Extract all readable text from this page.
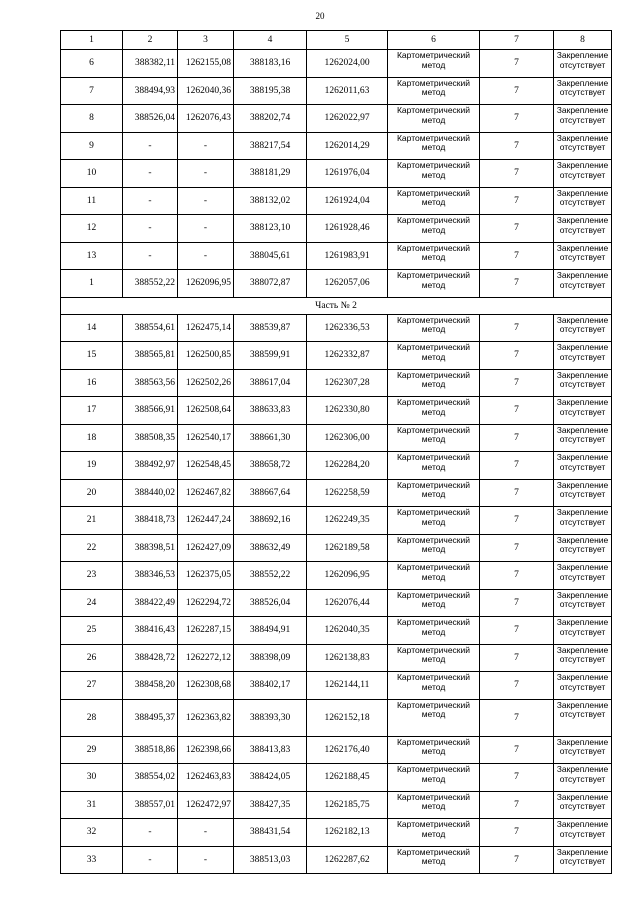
20
1	2	3	4	5	6	7	8
6	388382,11	1262155,08	388183,16	1262024,00	Картометрический метод	7	Закрепление отсутствует
7	388494,93	1262040,36	388195,38	1262011,63	Картометрический метод	7	Закрепление отсутствует
8	388526,04	1262076,43	388202,74	1262022,97	Картометрический метод	7	Закрепление отсутствует
9	-	-	388217,54	1262014,29	Картометрический метод	7	Закрепление отсутствует
10	-	-	388181,29	1261976,04	Картометрический метод	7	Закрепление отсутствует
11	-	-	388132,02	1261924,04	Картометрический метод	7	Закрепление отсутствует
12	-	-	388123,10	1261928,46	Картометрический метод	7	Закрепление отсутствует
13	-	-	388045,61	1261983,91	Картометрический метод	7	Закрепление отсутствует
1	388552,22	1262096,95	388072,87	1262057,06	Картометрический метод	7	Закрепление отсутствует
Часть № 2							
14	388554,61	1262475,14	388539,87	1262336,53	Картометрический метод	7	Закрепление отсутствует
15	388565,81	1262500,85	388599,91	1262332,87	Картометрический метод	7	Закрепление отсутствует
16	388563,56	1262502,26	388617,04	1262307,28	Картометрический метод	7	Закрепление отсутствует
17	388566,91	1262508,64	388633,83	1262330,80	Картометрический метод	7	Закрепление отсутствует
18	388508,35	1262540,17	388661,30	1262306,00	Картометрический метод	7	Закрепление отсутствует
19	388492,97	1262548,45	388658,72	1262284,20	Картометрический метод	7	Закрепление отсутствует
20	388440,02	1262467,82	388667,64	1262258,59	Картометрический метод	7	Закрепление отсутствует
21	388418,73	1262447,24	388692,16	1262249,35	Картометрический метод	7	Закрепление отсутствует
22	388398,51	1262427,09	388632,49	1262189,58	Картометрический метод	7	Закрепление отсутствует
23	388346,53	1262375,05	388552,22	1262096,95	Картометрический метод	7	Закрепление отсутствует
24	388422,49	1262294,72	388526,04	1262076,44	Картометрический метод	7	Закрепление отсутствует
25	388416,43	1262287,15	388494,91	1262040,35	Картометрический метод	7	Закрепление отсутствует
26	388428,72	1262272,12	388398,09	1262138,83	Картометрический метод	7	Закрепление отсутствует
27	388458,20	1262308,68	388402,17	1262144,11	Картометрический метод	7	Закрепление отсутствует
28	388495,37	1262363,82	388393,30	1262152,18	Картометрический метод	7	Закрепление отсутствует
29	388518,86	1262398,66	388413,83	1262176,40	Картометрический метод	7	Закрепление отсутствует
30	388554,02	1262463,83	388424,05	1262188,45	Картометрический метод	7	Закрепление отсутствует
31	388557,01	1262472,97	388427,35	1262185,75	Картометрический метод	7	Закрепление отсутствует
32	-	-	388431,54	1262182,13	Картометрический метод	7	Закрепление отсутствует
33	-	-	388513,03	1262287,62	Картометрический метод	7	Закрепление отсутствует
